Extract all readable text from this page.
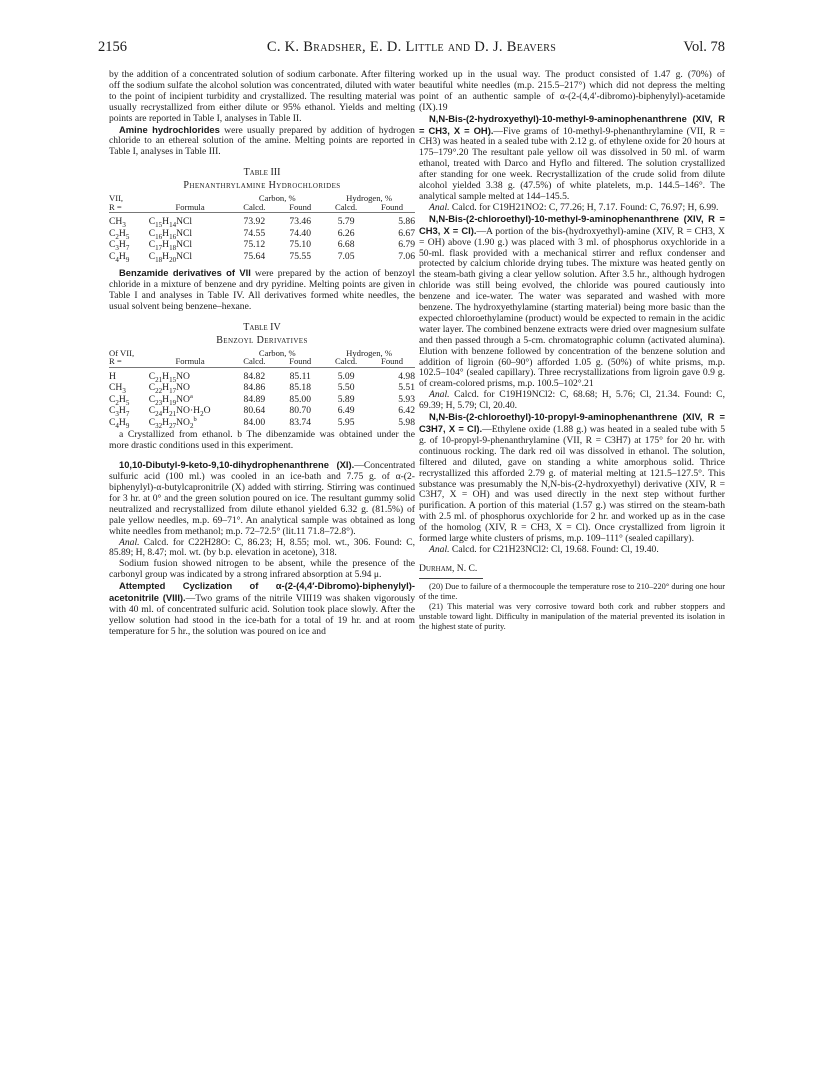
2156	C. K. Bradsher, E. D. Little and D. J. Beavers	Vol. 78

by the addition of a concentrated solution of sodium carbonate. After filtering off the sodium sulfate the alcohol solution was concentrated, diluted with water to the point of incipient turbidity and crystallized. The resulting material was usually recrystallized from either dilute or 95% ethanol. Yields and melting points are reported in Table I, analyses in Table II.

Amine hydrochlorides were usually prepared by addition of hydrogen chloride to an ethereal solution of the amine. Melting points are reported in Table I, analyses in Table III.

Table III
Phenanthrylamine Hydrochlorides
VII,		Carbon, %		Hydrogen, %	
R =	Formula	Calcd.	Found	Calcd.	Found
$CH_3$	$C_{15}H_{14}NCl$	73.92	73.46	5.79	5.86
$C_2H_5$	$C_{16}H_{16}NCl$	74.55	74.40	6.26	6.67
$C_3H_7$	$C_{17}H_{18}NCl$	75.12	75.10	6.68	6.79
$C_4H_9$	$C_{18}H_{20}NCl$	75.64	75.55	7.05	7.06

Benzamide derivatives of VII were prepared by the action of benzoyl chloride in a mixture of benzene and dry pyridine. Melting points are given in Table I and analyses in Table IV. All derivatives formed white needles, the usual solvent being benzene–hexane.

Table IV
Benzoyl Derivatives
Of VII,		Carbon, %		Hydrogen, %	
R =	Formula	Calcd.	Found	Calcd.	Found
H	$C_{21}H_{15}NO$	84.82	85.11	5.09	4.98
$CH_3$	$C_{22}H_{17}NO$	84.86	85.18	5.50	5.51
$C_2H_5$	$C_{23}H_{19}NO^a$	84.89	85.00	5.89	5.93
$C_3H_7$	$C_{24}H_{21}NO\cdot H_2O$	80.64	80.70	6.49	6.42
$C_4H_9$	$C_{32}H_{27}NO_2^b$	84.00	83.74	5.95	5.98
a Crystallized from ethanol. b The dibenzamide was obtained under the more drastic conditions used in this experiment.

10,10-Dibutyl-9-keto-9,10-dihydrophenanthrene (XI).—Concentrated sulfuric acid (100 ml.) was cooled in an ice-bath and 7.75 g. of α-(2-biphenylyl)-α-butylcapronitrile (X) added with stirring. Stirring was continued for 3 hr. at 0° and the green solution poured on ice. The resultant gummy solid neutralized and recrystallized from dilute ethanol yielded 6.32 g. (81.5%) of pale yellow needles, m.p. 69–71°. An analytical sample was obtained as long white needles from methanol; m.p. 72–72.5° (lit.11 71.8–72.8°).

Anal. Calcd. for C22H28O: C, 86.23; H, 8.55; mol. wt., 306. Found: C, 85.89; H, 8.47; mol. wt. (by b.p. elevation in acetone), 318.

Sodium fusion showed nitrogen to be absent, while the presence of the carbonyl group was indicated by a strong infrared absorption at 5.94 μ.

Attempted Cyclization of α-(2-(4,4′-Dibromo)-biphenylyl)-acetonitrile (VIII).—Two grams of the nitrile VIII19 was shaken vigorously with 40 ml. of concentrated sulfuric acid. Solution took place slowly. After the yellow solution had stood in the ice-bath for a total of 19 hr. and at room temperature for 5 hr., the solution was poured on ice and

worked up in the usual way. The product consisted of 1.47 g. (70%) of beautiful white needles (m.p. 215.5–217°) which did not depress the melting point of an authentic sample of α-(2-(4,4′-dibromo)-biphenylyl)-acetamide (IX).19

N,N-Bis-(2-hydroxyethyl)-10-methyl-9-aminophenanthrene (XIV, R = CH3, X = OH).—Five grams of 10-methyl-9-phenanthrylamine (VII, R = CH3) was heated in a sealed tube with 2.12 g. of ethylene oxide for 20 hours at 175–179°.20 The resultant pale yellow oil was dissolved in 50 ml. of warm ethanol, treated with Darco and Hyflo and filtered. The solution crystallized after standing for one week. Recrystallization of the crude solid from dilute alcohol yielded 3.38 g. (47.5%) of white platelets, m.p. 144.5–146°. The analytical sample melted at 144–145.5.

Anal. Calcd. for C19H21NO2: C, 77.26; H, 7.17. Found: C, 76.97; H, 6.99.

N,N-Bis-(2-chloroethyl)-10-methyl-9-aminophenanthrene (XIV, R = CH3, X = Cl).—A portion of the bis-(hydroxyethyl)-amine (XIV, R = CH3, X = OH) above (1.90 g.) was placed with 3 ml. of phosphorus oxychloride in a 50-ml. flask provided with a mechanical stirrer and reflux condenser and protected by calcium chloride drying tubes. The mixture was heated gently on the steam-bath giving a clear yellow solution. After 3.5 hr., although hydrogen chloride was still being evolved, the chloride was poured cautiously into benzene and ice-water. The water was separated and washed with more benzene. The hydroxyethylamine (starting material) being more basic than the expected chloroethylamine (product) would be expected to remain in the acidic water layer. The combined benzene extracts were dried over magnesium sulfate and then passed through a 5-cm. chromatographic column (activated alumina). Elution with benzene followed by concentration of the benzene solution and addition of ligroin (60–90°) afforded 1.05 g. (50%) of white prisms, m.p. 102.5–104° (sealed capillary). Three recrystallizations from ligroin gave 0.9 g. of cream-colored prisms, m.p. 100.5–102°.21

Anal. Calcd. for C19H19NCl2: C, 68.68; H, 5.76; Cl, 21.34. Found: C, 69.39; H, 5.79; Cl, 20.40.

N,N-Bis-(2-chloroethyl)-10-propyl-9-aminophenanthrene (XIV, R = C3H7, X = Cl).—Ethylene oxide (1.88 g.) was heated in a sealed tube with 5 g. of 10-propyl-9-phenanthrylamine (VII, R = C3H7) at 175° for 20 hr. with continuous rocking. The dark red oil was dissolved in ethanol. The solution, filtered and diluted, gave on standing a white amorphous solid. Thrice recrystallized this afforded 2.79 g. of material melting at 121.5–127.5°. This substance was presumably the N,N-bis-(2-hydroxyethyl) derivative (XIV, R = C3H7, X = OH) and was used directly in the next step without further purification. A portion of this material (1.57 g.) was stirred on the steam-bath with 2.5 ml. of phosphorus oxychloride for 2 hr. and worked up as in the case of the homolog (XIV, R = CH3, X = Cl). Once crystallized from ligroin it formed large white clusters of prisms, m.p. 109–111° (sealed capillary).

Anal. Calcd. for C21H23NCl2: Cl, 19.68. Found: Cl, 19.40.

Durham, N. C.

(20) Due to failure of a thermocouple the temperature rose to 210–220° during one hour of the time.

(21) This material was very corrosive toward both cork and rubber stoppers and unstable toward light. Difficulty in manipulation of the material prevented its isolation in the highest state of purity.
